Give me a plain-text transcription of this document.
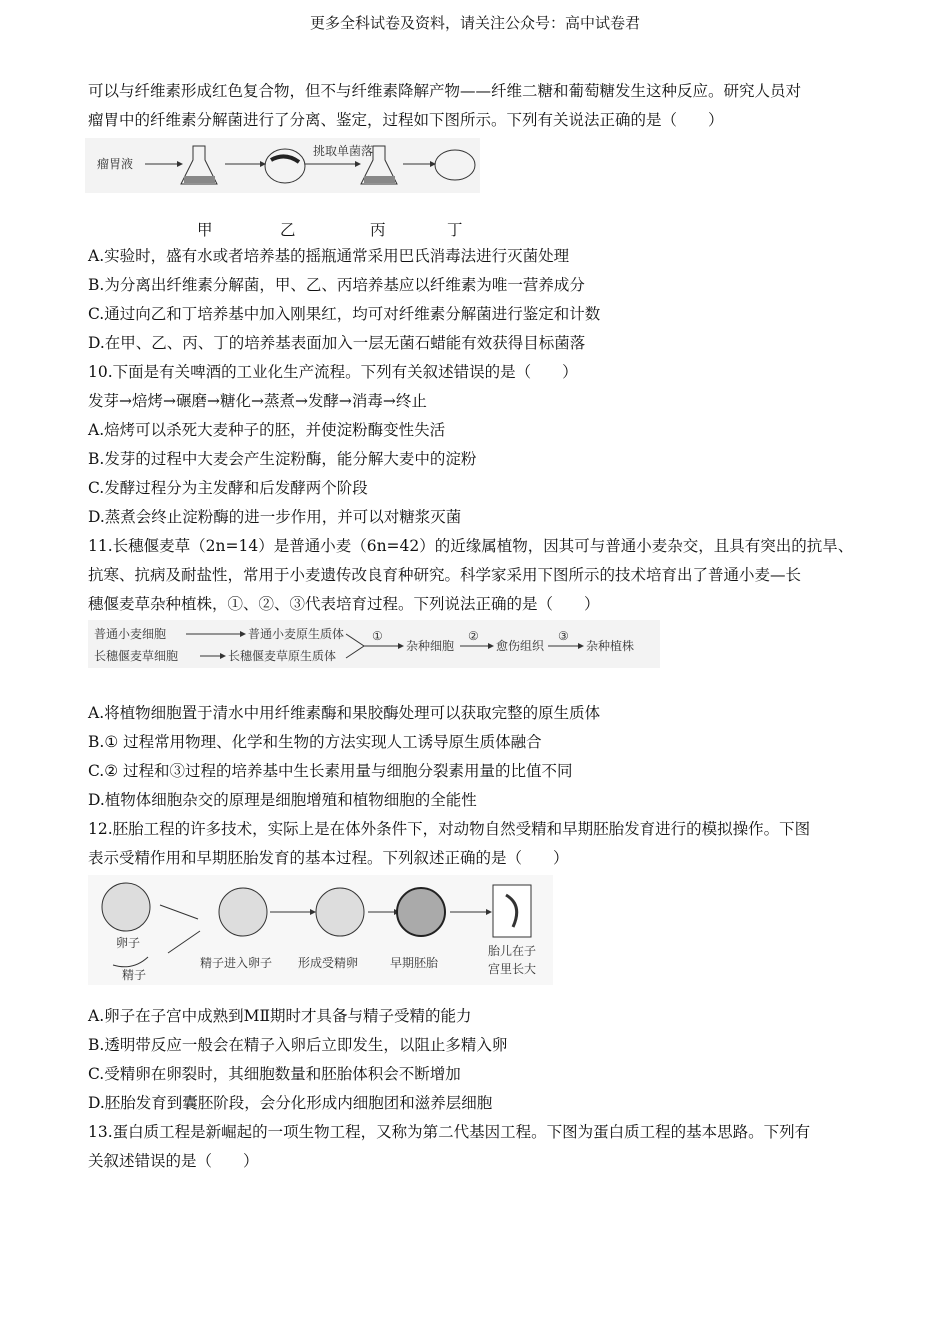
更多全科试卷及资料，请关注公众号：高中试卷君
可以与纤维素形成红色复合物，但不与纤维素降解产物——纤维二糖和葡萄糖发生这种反应。研究人员对
瘤胃中的纤维素分解菌进行了分离、鉴定，过程如下图所示。下列有关说法正确的是（　　）
瘤胃液
挑取单菌落
甲	乙	丙	丁
A.实验时，盛有水或者培养基的摇瓶通常采用巴氏消毒法进行灭菌处理
B.为分离出纤维素分解菌，甲、乙、丙培养基应以纤维素为唯一营养成分
C.通过向乙和丁培养基中加入刚果红，均可对纤维素分解菌进行鉴定和计数
D.在甲、乙、丙、丁的培养基表面加入一层无菌石蜡能有效获得目标菌落
10.下面是有关啤酒的工业化生产流程。下列有关叙述错误的是（　　）
发芽→焙烤→碾磨→糖化→蒸煮→发酵→消毒→终止
A.焙烤可以杀死大麦种子的胚，并使淀粉酶变性失活
B.发芽的过程中大麦会产生淀粉酶，能分解大麦中的淀粉
C.发酵过程分为主发酵和后发酵两个阶段
D.蒸煮会终止淀粉酶的进一步作用，并可以对糖浆灭菌
11.长穗偃麦草（2n=14）是普通小麦（6n=42）的近缘属植物，因其可与普通小麦杂交，且具有突出的抗旱、
抗寒、抗病及耐盐性，常用于小麦遗传改良育种研究。科学家采用下图所示的技术培育出了普通小麦—长
穗偃麦草杂种植株，①、②、③代表培育过程。下列说法正确的是（　　）
普通小麦细胞
长穗偃麦草细胞
普通小麦原生质体
长穗偃麦草原生质体
①
杂种细胞
②
愈伤组织
③
杂种植株
A.将植物细胞置于清水中用纤维素酶和果胶酶处理可以获取完整的原生质体
B.① 过程常用物理、化学和生物的方法实现人工诱导原生质体融合
C.② 过程和③过程的培养基中生长素用量与细胞分裂素用量的比值不同
D.植物体细胞杂交的原理是细胞增殖和植物细胞的全能性
12.胚胎工程的许多技术，实际上是在体外条件下，对动物自然受精和早期胚胎发育进行的模拟操作。下图
表示受精作用和早期胚胎发育的基本过程。下列叙述正确的是（　　）
卵子
精子
精子进入卵子 形成受精卵	早期胚胎
胎儿在子
宫里长大
A.卵子在子宫中成熟到MⅡ期时才具备与精子受精的能力
B.透明带反应一般会在精子入卵后立即发生，以阻止多精入卵
C.受精卵在卵裂时，其细胞数量和胚胎体积会不断增加
D.胚胎发育到囊胚阶段，会分化形成内细胞团和滋养层细胞
13.蛋白质工程是新崛起的一项生物工程，又称为第二代基因工程。下图为蛋白质工程的基本思路。下列有
关叙述错误的是（　　）
